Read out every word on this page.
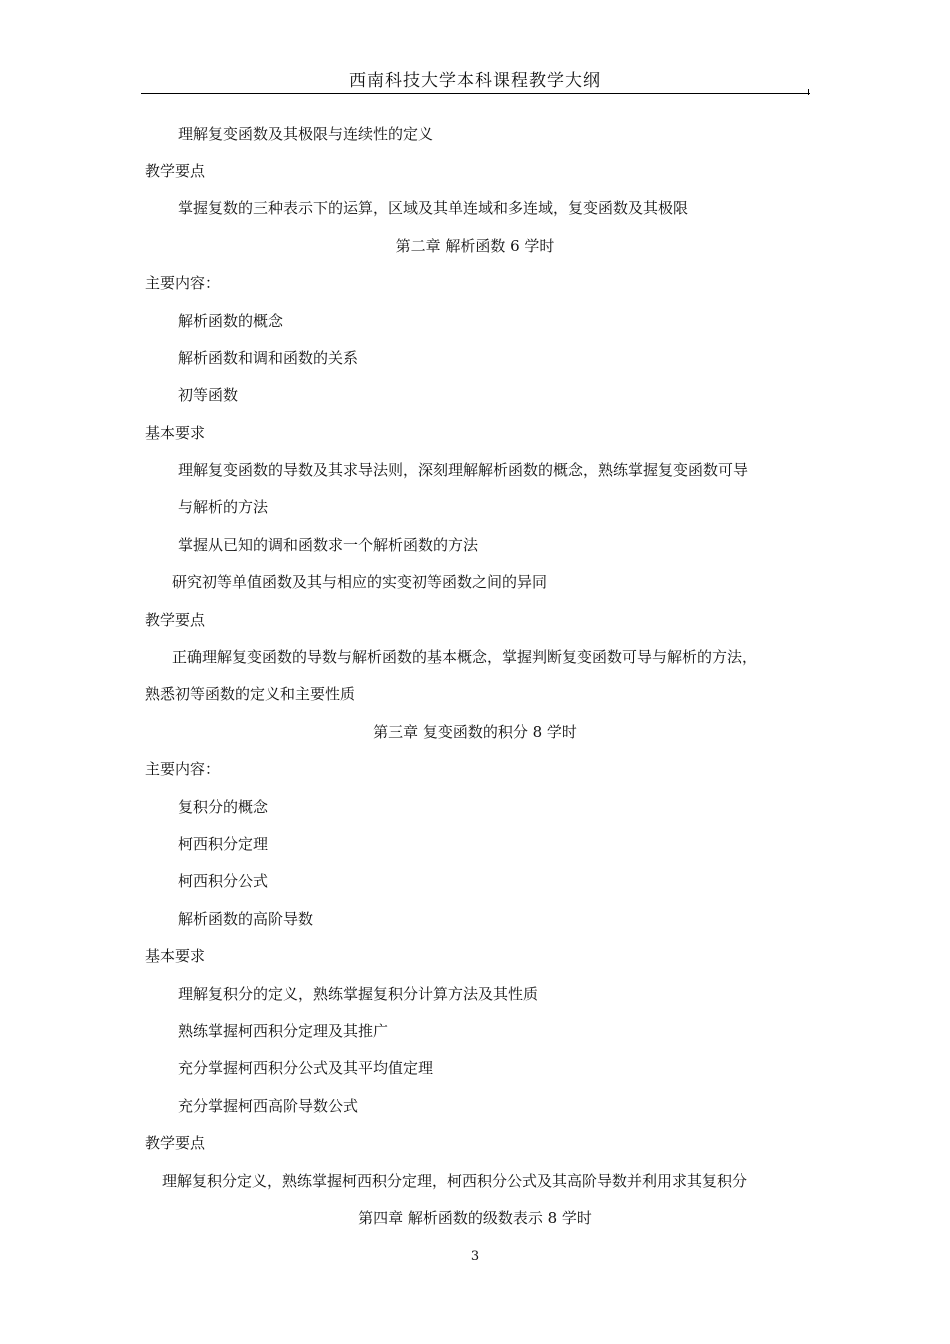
西南科技大学本科课程教学大纲
理解复变函数及其极限与连续性的定义
教学要点
掌握复数的三种表示下的运算，区域及其单连域和多连域，复变函数及其极限
第二章 解析函数 6 学时
主要内容：
解析函数的概念
解析函数和调和函数的关系
初等函数
基本要求
理解复变函数的导数及其求导法则，深刻理解解析函数的概念，熟练掌握复变函数可导
与解析的方法
掌握从已知的调和函数求一个解析函数的方法
研究初等单值函数及其与相应的实变初等函数之间的异同
教学要点
正确理解复变函数的导数与解析函数的基本概念，掌握判断复变函数可导与解析的方法，
熟悉初等函数的定义和主要性质
第三章 复变函数的积分 8 学时
主要内容：
复积分的概念
柯西积分定理
柯西积分公式
解析函数的高阶导数
基本要求
理解复积分的定义，熟练掌握复积分计算方法及其性质
熟练掌握柯西积分定理及其推广
充分掌握柯西积分公式及其平均值定理
充分掌握柯西高阶导数公式
教学要点
理解复积分定义，熟练掌握柯西积分定理，柯西积分公式及其高阶导数并利用求其复积分
第四章 解析函数的级数表示 8 学时
3
